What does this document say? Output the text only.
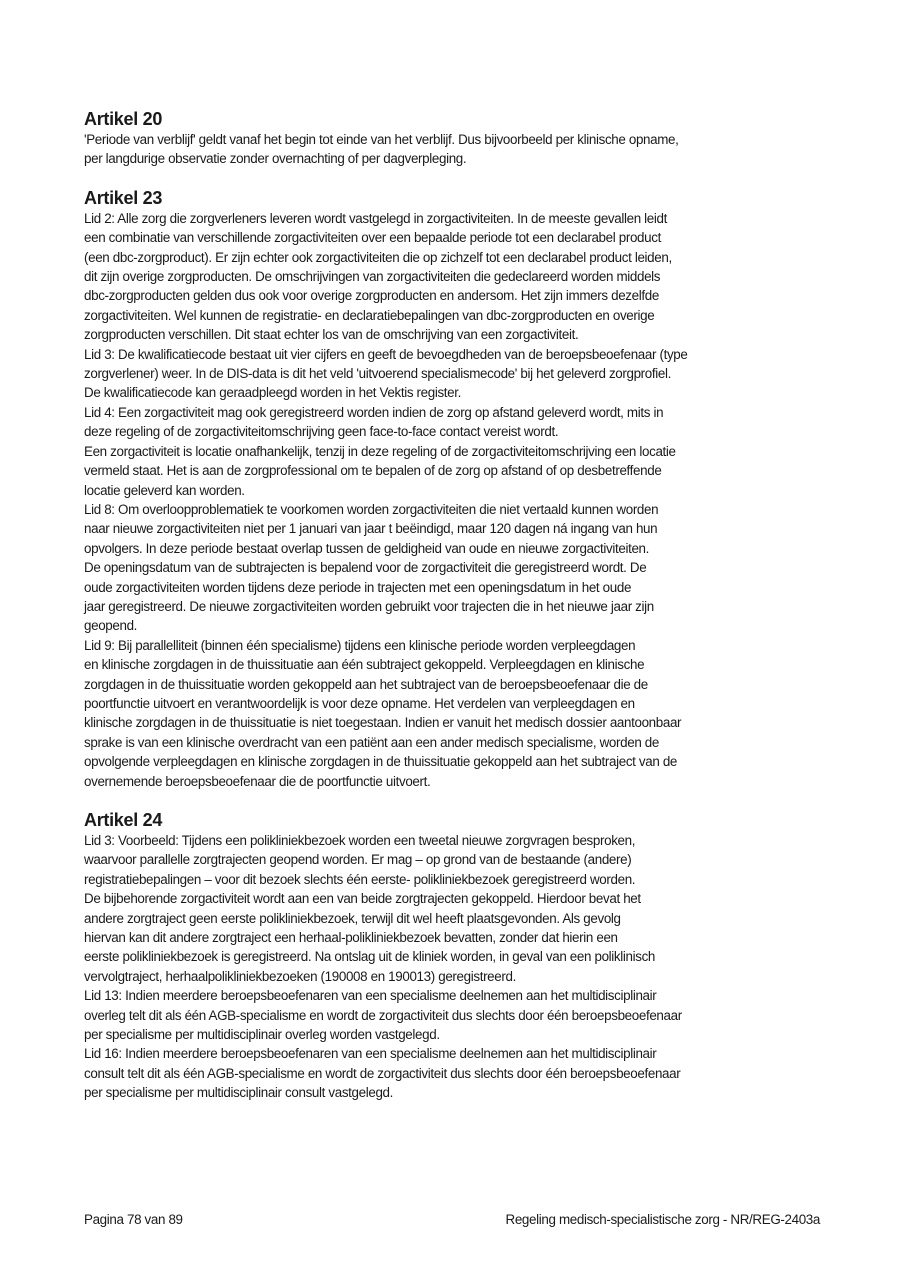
Artikel 20
'Periode van verblijf' geldt vanaf het begin tot einde van het verblijf. Dus bijvoorbeeld per klinische opname,
per langdurige observatie zonder overnachting of per dagverpleging.
Artikel 23
Lid 2: Alle zorg die zorgverleners leveren wordt vastgelegd in zorgactiviteiten. In de meeste gevallen leidt
een combinatie van verschillende zorgactiviteiten over een bepaalde periode tot een declarabel product
(een dbc-zorgproduct). Er zijn echter ook zorgactiviteiten die op zichzelf tot een declarabel product leiden,
dit zijn overige zorgproducten. De omschrijvingen van zorgactiviteiten die gedeclareerd worden middels
dbc-zorgproducten gelden dus ook voor overige zorgproducten en andersom. Het zijn immers dezelfde
zorgactiviteiten. Wel kunnen de registratie- en declaratiebepalingen van dbc-zorgproducten en overige
zorgproducten verschillen. Dit staat echter los van de omschrijving van een zorgactiviteit.
Lid 3: De kwalificatiecode bestaat uit vier cijfers en geeft de bevoegdheden van de beroepsbeoefenaar (type
zorgverlener) weer. In de DIS-data is dit het veld 'uitvoerend specialismecode' bij het geleverd zorgprofiel.
De kwalificatiecode kan geraadpleegd worden in het Vektis register.
Lid 4: Een zorgactiviteit mag ook geregistreerd worden indien de zorg op afstand geleverd wordt, mits in
deze regeling of de zorgactiviteitomschrijving geen face-to-face contact vereist wordt.
Een zorgactiviteit is locatie onafhankelijk, tenzij in deze regeling of de zorgactiviteitomschrijving een locatie
vermeld staat. Het is aan de zorgprofessional om te bepalen of de zorg op afstand of op desbetreffende
locatie geleverd kan worden.
Lid 8: Om overloopproblematiek te voorkomen worden zorgactiviteiten die niet vertaald kunnen worden
naar nieuwe zorgactiviteiten niet per 1 januari van jaar t beëindigd, maar 120 dagen ná ingang van hun
opvolgers. In deze periode bestaat overlap tussen de geldigheid van oude en nieuwe zorgactiviteiten.
De openingsdatum van de subtrajecten is bepalend voor de zorgactiviteit die geregistreerd wordt. De
oude zorgactiviteiten worden tijdens deze periode in trajecten met een openingsdatum in het oude
jaar geregistreerd. De nieuwe zorgactiviteiten worden gebruikt voor trajecten die in het nieuwe jaar zijn
geopend.
Lid 9: Bij parallelliteit (binnen één specialisme) tijdens een klinische periode worden verpleegdagen
en klinische zorgdagen in de thuissituatie aan één subtraject gekoppeld. Verpleegdagen en klinische
zorgdagen in de thuissituatie worden gekoppeld aan het subtraject van de beroepsbeoefenaar die de
poortfunctie uitvoert en verantwoordelijk is voor deze opname. Het verdelen van verpleegdagen en
klinische zorgdagen in de thuissituatie is niet toegestaan. Indien er vanuit het medisch dossier aantoonbaar
sprake is van een klinische overdracht van een patiënt aan een ander medisch specialisme, worden de
opvolgende verpleegdagen en klinische zorgdagen in de thuissituatie gekoppeld aan het subtraject van de
overnemende beroepsbeoefenaar die de poortfunctie uitvoert.
Artikel 24
Lid 3: Voorbeeld: Tijdens een polikliniekbezoek worden een tweetal nieuwe zorgvragen besproken,
waarvoor parallelle zorgtrajecten geopend worden. Er mag – op grond van de bestaande (andere)
registratiebepalingen – voor dit bezoek slechts één eerste- polikliniekbezoek geregistreerd worden.
De bijbehorende zorgactiviteit wordt aan een van beide zorgtrajecten gekoppeld. Hierdoor bevat het
andere zorgtraject geen eerste polikliniekbezoek, terwijl dit wel heeft plaatsgevonden. Als gevolg
hiervan kan dit andere zorgtraject een herhaal-polikliniekbezoek bevatten, zonder dat hierin een
eerste polikliniekbezoek is geregistreerd. Na ontslag uit de kliniek worden, in geval van een poliklinisch
vervolgtraject, herhaalpolikliniekbezoeken (190008 en 190013) geregistreerd.
Lid 13: Indien meerdere beroepsbeoefenaren van een specialisme deelnemen aan het multidisciplinair
overleg telt dit als één AGB-specialisme en wordt de zorgactiviteit dus slechts door één beroepsbeoefenaar
per specialisme per multidisciplinair overleg worden vastgelegd.
Lid 16: Indien meerdere beroepsbeoefenaren van een specialisme deelnemen aan het multidisciplinair
consult telt dit als één AGB-specialisme en wordt de zorgactiviteit dus slechts door één beroepsbeoefenaar
per specialisme per multidisciplinair consult vastgelegd.
Pagina 78 van 89	Regeling medisch-specialistische zorg - NR/REG-2403a
